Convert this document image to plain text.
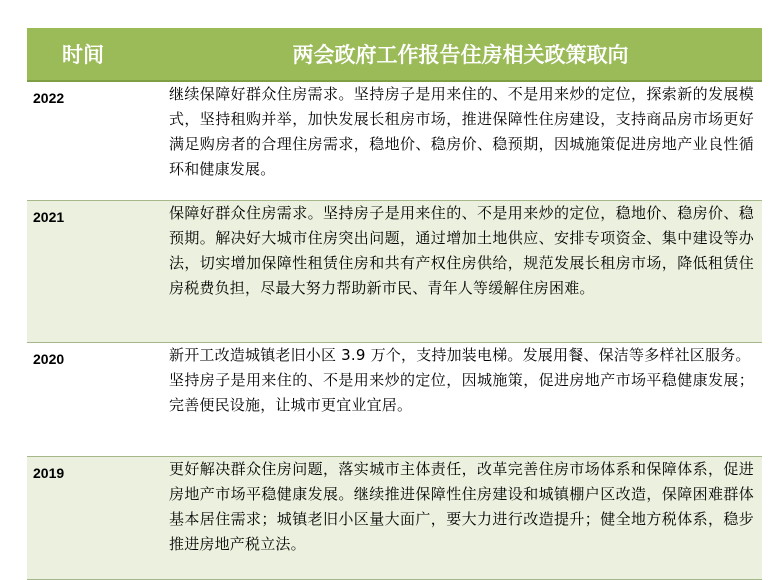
时间	两会政府工作报告住房相关政策取向
2022	继续保障好群众住房需求。坚持房子是用来住的、不是用来炒的定位，探索新的发展模式，坚持租购并举，加快发展长租房市场，推进保障性住房建设，支持商品房市场更好满足购房者的合理住房需求，稳地价、稳房价、稳预期，因城施策促进房地产业良性循环和健康发展。

2021	保障好群众住房需求。坚持房子是用来住的、不是用来炒的定位，稳地价、稳房价、稳预期。解决好大城市住房突出问题，通过增加土地供应、安排专项资金、集中建设等办法，切实增加保障性租赁住房和共有产权住房供给，规范发展长租房市场，降低租赁住房税费负担，尽最大努力帮助新市民、青年人等缓解住房困难。

2020	新开工改造城镇老旧小区 3.9 万个，支持加装电梯。发展用餐、保洁等多样社区服务。
坚持房子是用来住的、不是用来炒的定位，因城施策，促进房地产市场平稳健康发展；完善便民设施，让城市更宜业宜居。

2019	更好解决群众住房问题，落实城市主体责任，改革完善住房市场体系和保障体系，促进房地产市场平稳健康发展。继续推进保障性住房建设和城镇棚户区改造，保障困难群体基本居住需求；城镇老旧小区量大面广，要大力进行改造提升；健全地方税体系，稳步推进房地产税立法。
